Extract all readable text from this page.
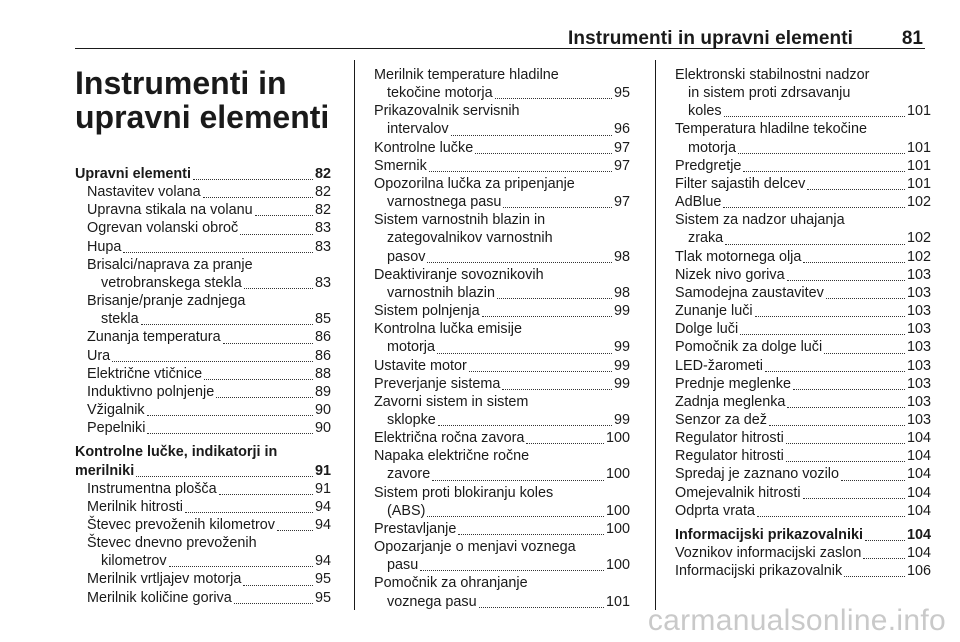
Instrumenti in upravni elementi	81
Instrumenti in
upravni elementi
Upravni elementi	82
Nastavitev volana	82
Upravna stikala na volanu	82
Ogrevan volanski obroč	83
Hupa	83
Brisalci/naprava za pranje
vetrobranskega stekla	83
Brisanje/pranje zadnjega
stekla	85
Zunanja temperatura	86
Ura	86
Električne vtičnice	88
Induktivno polnjenje	89
Vžigalnik	90
Pepelniki	90
Kontrolne lučke, indikatorji in
merilniki	91
Instrumentna plošča	91
Merilnik hitrosti	94
Števec prevoženih kilometrov	94
Števec dnevno prevoženih
kilometrov	94
Merilnik vrtljajev motorja	95
Merilnik količine goriva	95
Merilnik temperature hladilne
tekočine motorja	95
Prikazovalnik servisnih
intervalov	96
Kontrolne lučke	97
Smernik	97
Opozorilna lučka za pripenjanje
varnostnega pasu	97
Sistem varnostnih blazin in
zategovalnikov varnostnih
pasov	98
Deaktiviranje sovoznikovih
varnostnih blazin	98
Sistem polnjenja	99
Kontrolna lučka emisije
motorja	99
Ustavite motor	99
Preverjanje sistema	99
Zavorni sistem in sistem
sklopke	99
Električna ročna zavora	100
Napaka električne ročne
zavore	100
Sistem proti blokiranju koles
(ABS)	100
Prestavljanje	100
Opozarjanje o menjavi voznega
pasu	100
Pomočnik za ohranjanje
voznega pasu	101
Elektronski stabilnostni nadzor
in sistem proti zdrsavanju
koles	101
Temperatura hladilne tekočine
motorja	101
Predgretje	101
Filter sajastih delcev	101
AdBlue	102
Sistem za nadzor uhajanja
zraka	102
Tlak motornega olja	102
Nizek nivo goriva	103
Samodejna zaustavitev	103
Zunanje luči	103
Dolge luči	103
Pomočnik za dolge luči	103
LED-žarometi	103
Prednje meglenke	103
Zadnja meglenka	103
Senzor za dež	103
Regulator hitrosti	104
Regulator hitrosti	104
Spredaj je zaznano vozilo	104
Omejevalnik hitrosti	104
Odprta vrata	104
Informacijski prikazovalniki	104
Voznikov informacijski zaslon	104
Informacijski prikazovalnik	106
carmanualsonline.info
